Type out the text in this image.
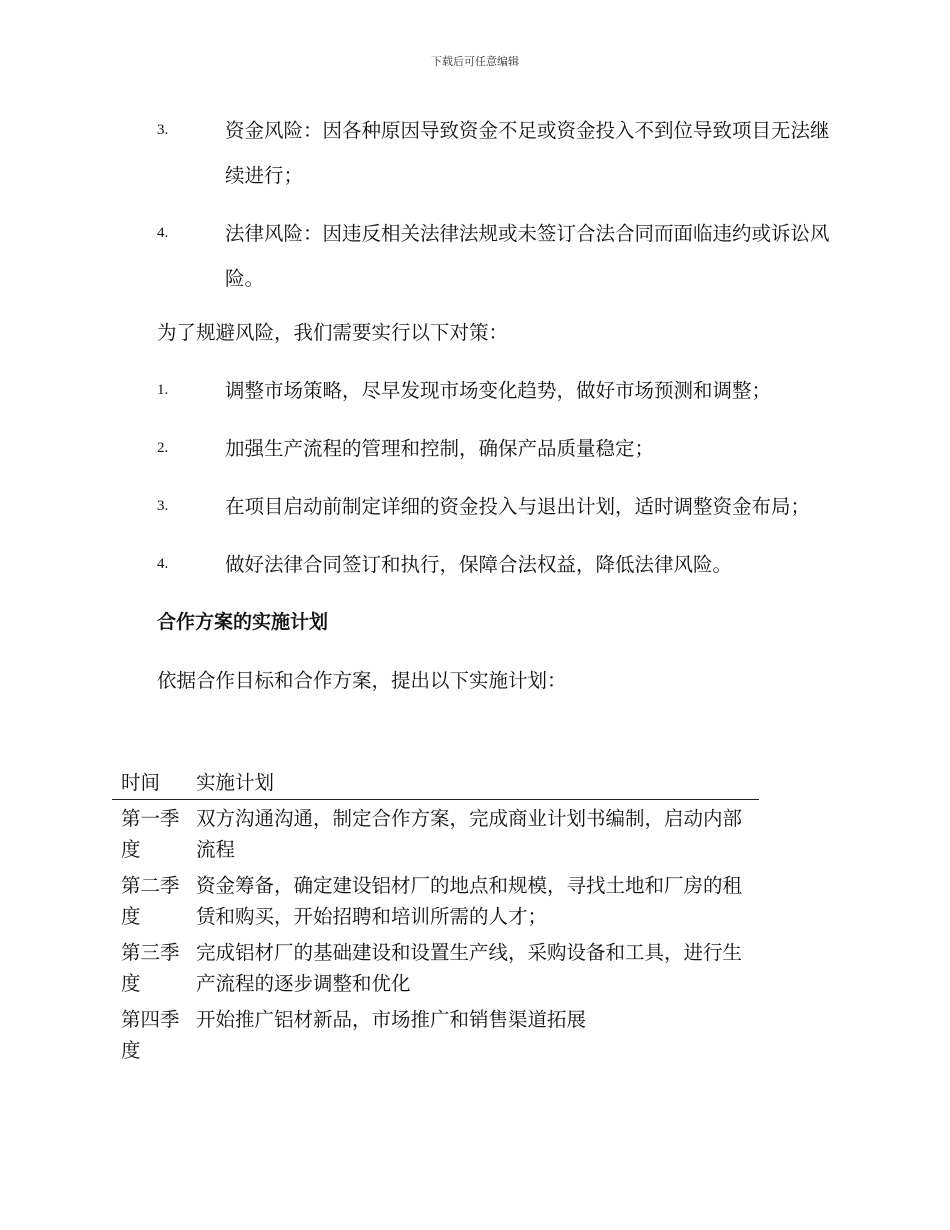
下载后可任意编辑
3.	资金风险：因各种原因导致资金不足或资金投入不到位导致项目无法继续进行；
4.	法律风险：因违反相关法律法规或未签订合法合同而面临违约或诉讼风险。
为了规避风险，我们需要实行以下对策：
1.	调整市场策略，尽早发现市场变化趋势，做好市场预测和调整；
2.	加强生产流程的管理和控制，确保产品质量稳定；
3.	在项目启动前制定详细的资金投入与退出计划，适时调整资金布局；
4.	做好法律合同签订和执行，保障合法权益，降低法律风险。
合作方案的实施计划
依据合作目标和合作方案，提出以下实施计划：
时间	实施计划
第一季度	双方沟通沟通，制定合作方案，完成商业计划书编制，启动内部流程
第二季度	资金筹备，确定建设铝材厂的地点和规模，寻找土地和厂房的租赁和购买，开始招聘和培训所需的人才；
第三季度	完成铝材厂的基础建设和设置生产线，采购设备和工具，进行生产流程的逐步调整和优化
第四季度	开始推广铝材新品，市场推广和销售渠道拓展
